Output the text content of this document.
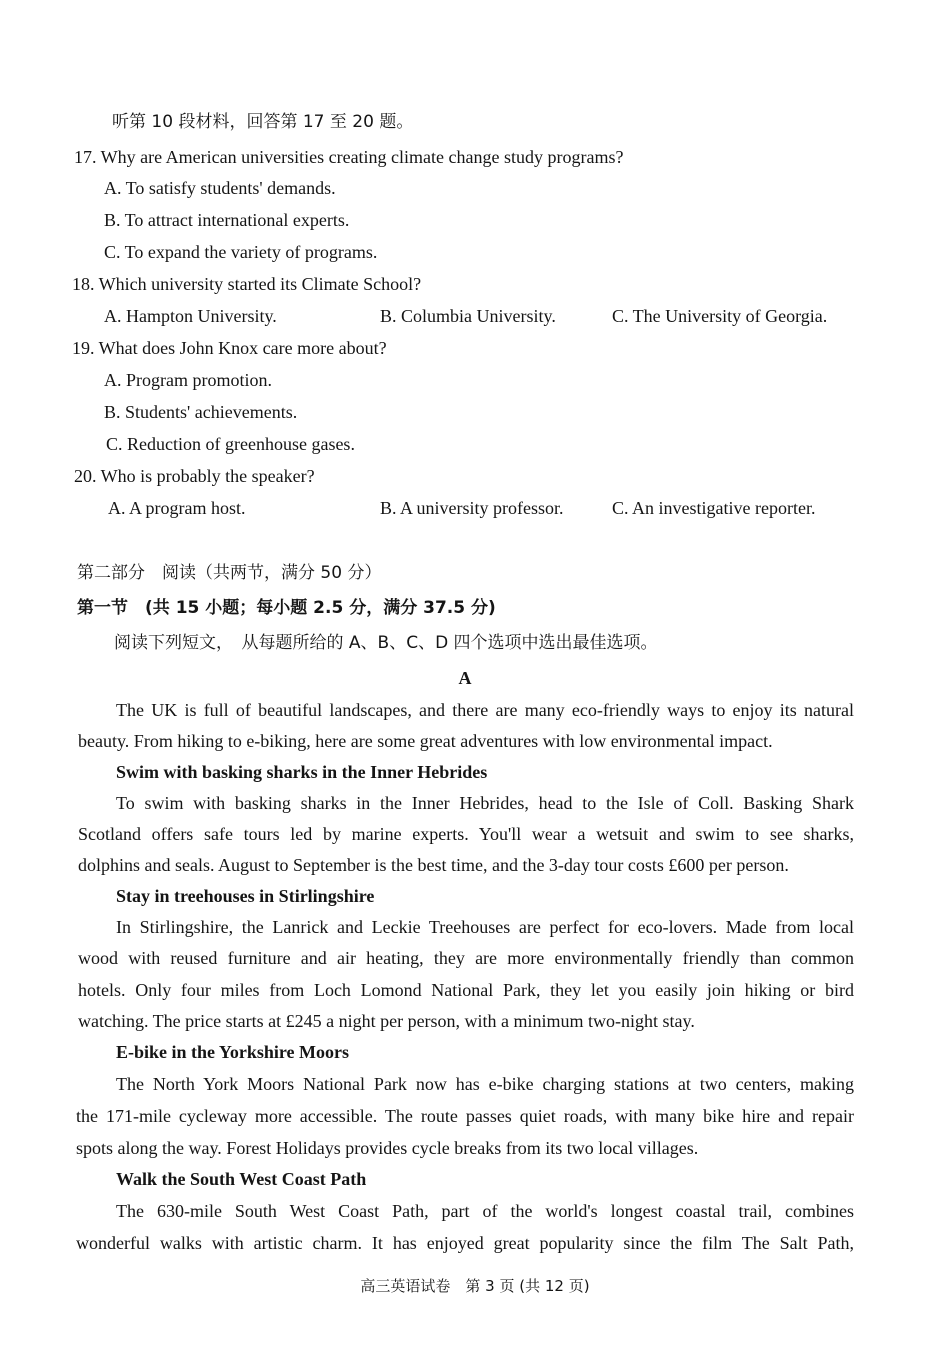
听第 10 段材料，回答第 17 至 20 题。
17. Why are American universities creating climate change study programs?
A. To satisfy students' demands.
B. To attract international experts.
C. To expand the variety of programs.
18. Which university started its Climate School?
A. Hampton University.	B. Columbia University.	C. The University of Georgia.
19. What does John Knox care more about?
A. Program promotion.
B. Students' achievements.
C. Reduction of greenhouse gases.
20. Who is probably the speaker?
A. A program host.	B. A university professor.	C. An investigative reporter.
第二部分　阅读（共两节，满分 50 分）
第一节　(共 15 小题；每小题 2.5 分，满分 37.5 分)
阅读下列短文，　从每题所给的 A、B、C、D 四个选项中选出最佳选项。
A
The UK is full of beautiful landscapes, and there are many eco-friendly ways to enjoy its natural
beauty. From hiking to e-biking, here are some great adventures with low environmental impact.
Swim with basking sharks in the Inner Hebrides
To swim with basking sharks in the Inner Hebrides, head to the Isle of Coll. Basking Shark
Scotland offers safe tours led by marine experts. You'll wear a wetsuit and swim to see sharks,
dolphins and seals. August to September is the best time, and the 3-day tour costs £600 per person.
Stay in treehouses in Stirlingshire
In Stirlingshire, the Lanrick and Leckie Treehouses are perfect for eco-lovers. Made from local
wood with reused furniture and air heating, they are more environmentally friendly than common
hotels. Only four miles from Loch Lomond National Park, they let you easily join hiking or bird
watching. The price starts at £245 a night per person, with a minimum two-night stay.
E-bike in the Yorkshire Moors
The North York Moors National Park now has e-bike charging stations at two centers, making
the 171-mile cycleway more accessible. The route passes quiet roads, with many bike hire and repair
spots along the way. Forest Holidays provides cycle breaks from its two local villages.
Walk the South West Coast Path
The 630-mile South West Coast Path, part of the world's longest coastal trail, combines
wonderful walks with artistic charm. It has enjoyed great popularity since the film The Salt Path,
高三英语试卷　第 3 页 (共 12 页)
